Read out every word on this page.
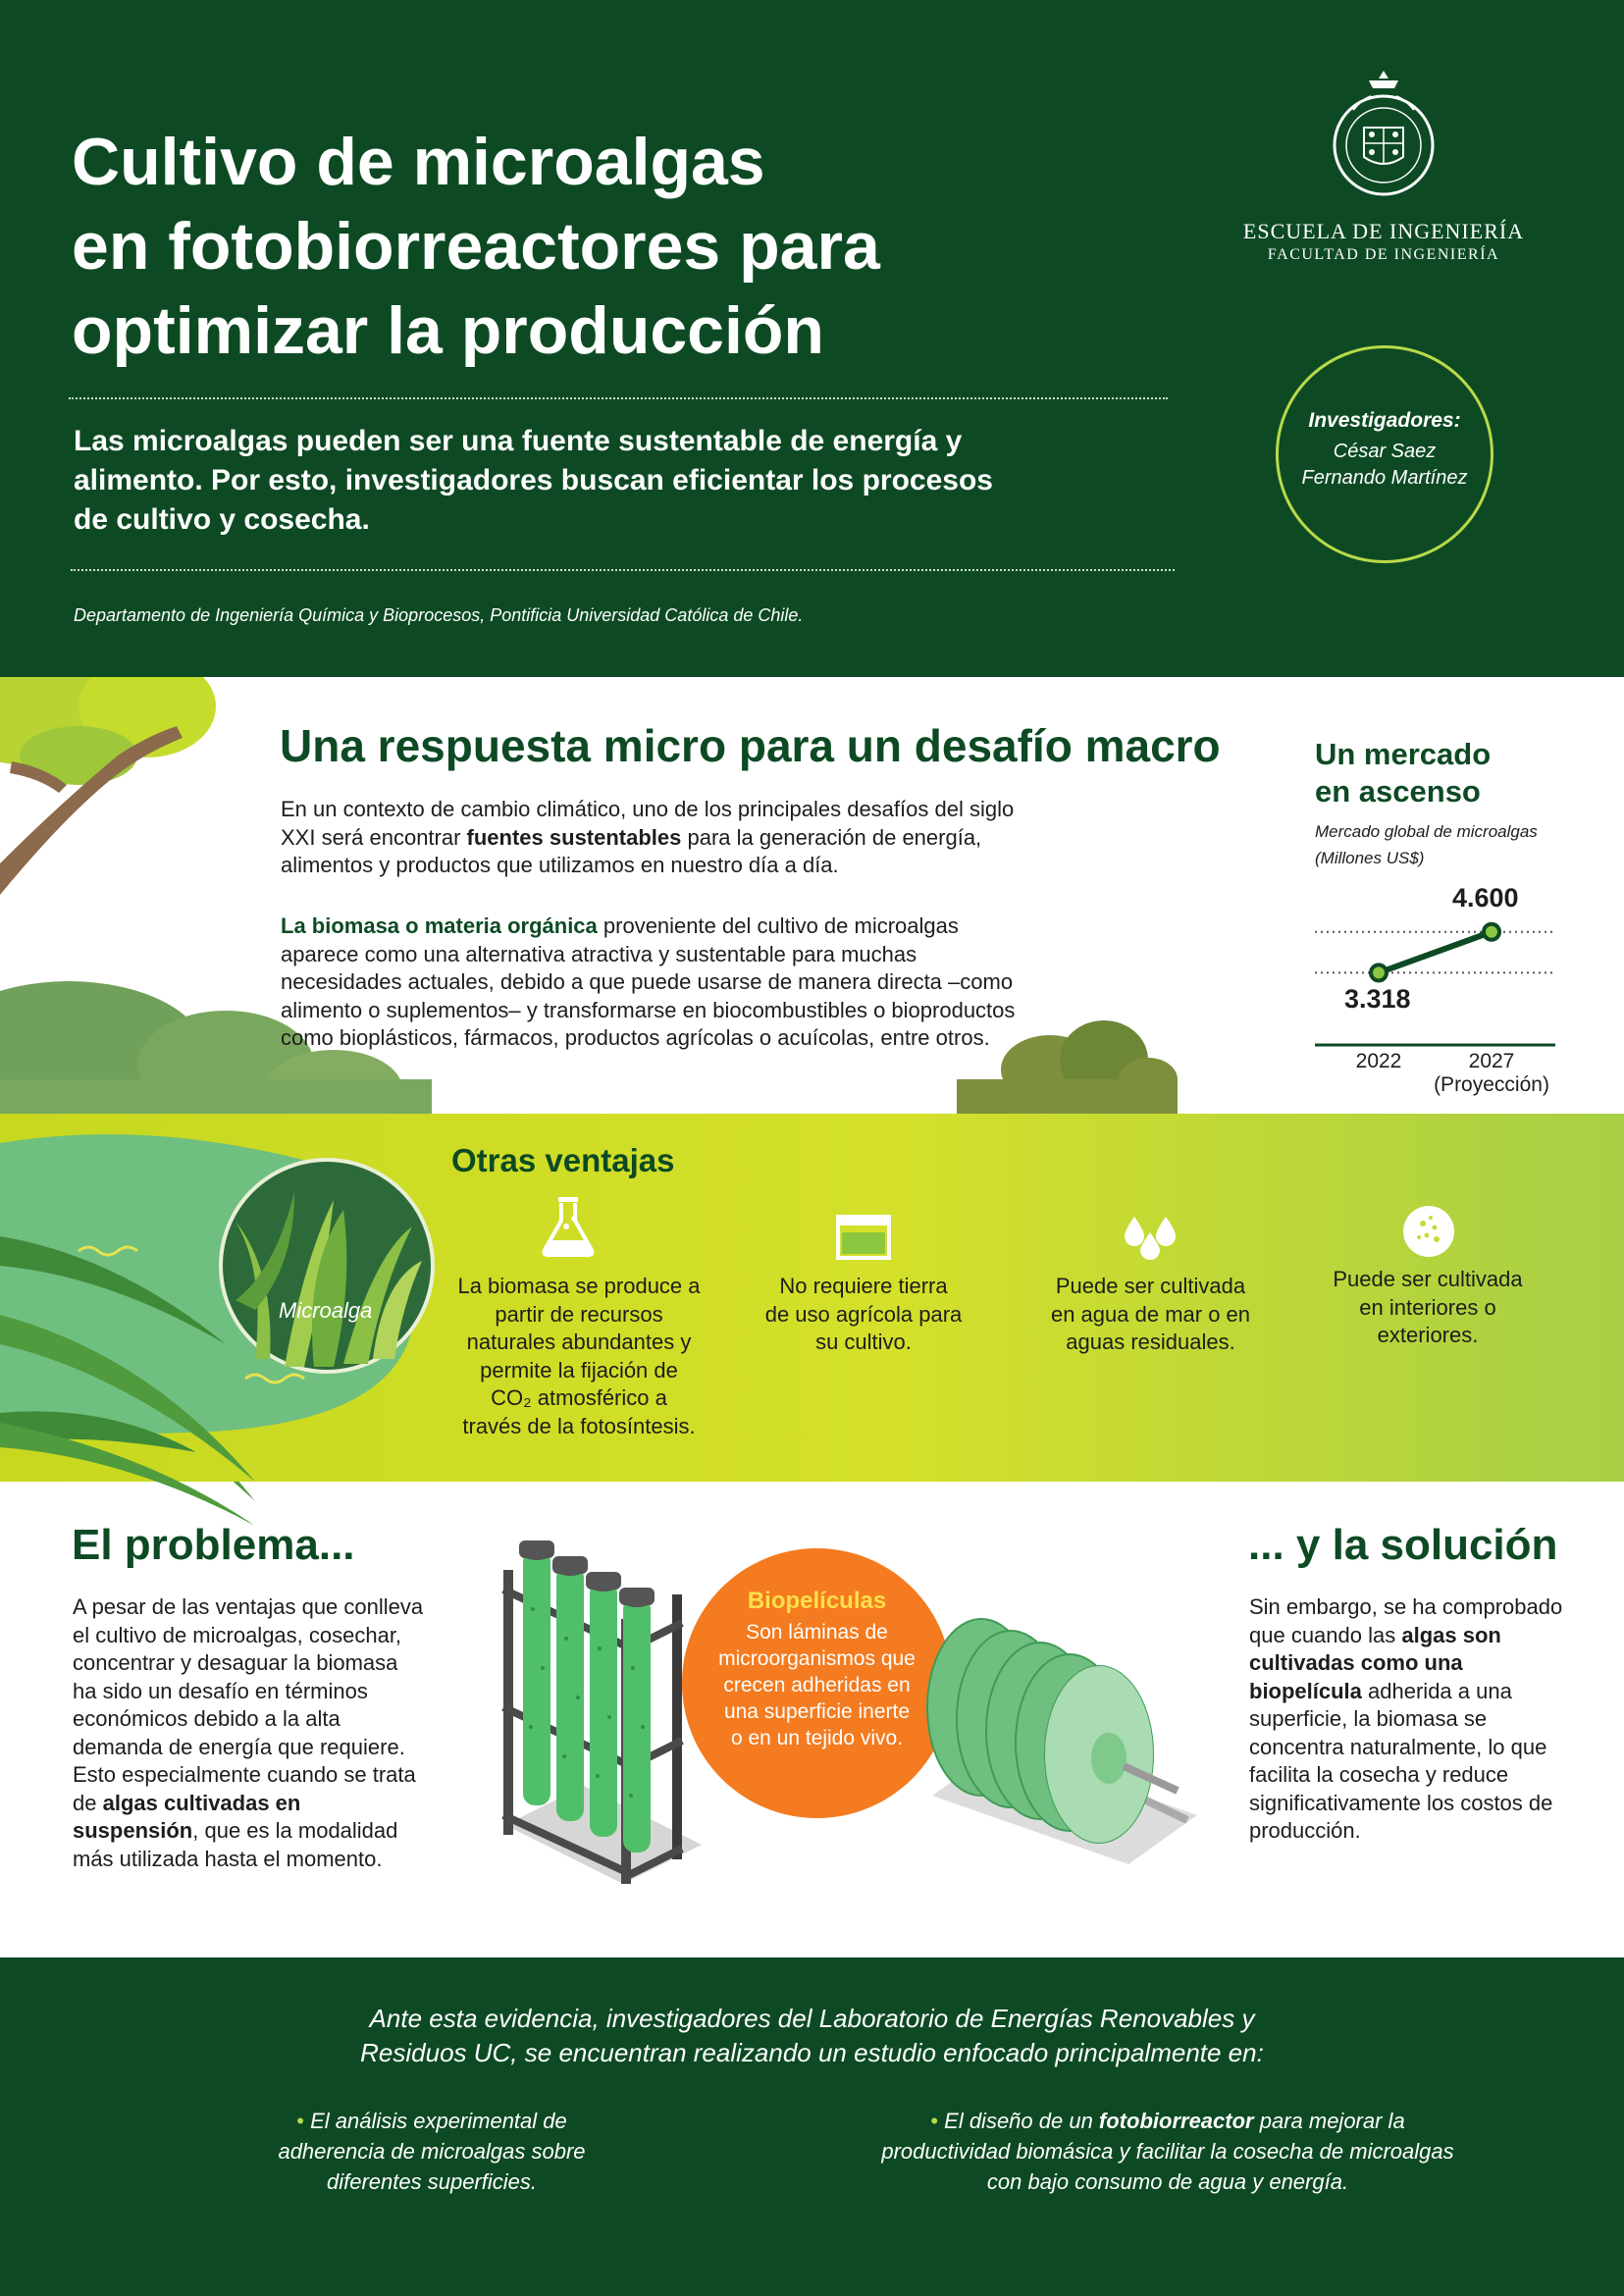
Cultivo de microalgas
en fotobiorreactores para
optimizar la producción
Las microalgas pueden ser una fuente sustentable de energía y
alimento. Por esto, investigadores buscan eficientar los procesos
de cultivo y cosecha.
Departamento de Ingeniería Química y Bioprocesos, Pontificia Universidad Católica de Chile.
ESCUELA DE INGENIERÍA
FACULTAD DE INGENIERÍA
Investigadores:
César Saez
Fernando Martínez
Una respuesta micro para un desafío macro

En un contexto de cambio climático, uno de los principales desafíos del siglo XXI será encontrar fuentes sustentables para la generación de energía, alimentos y productos que utilizamos en nuestro día a día.

La biomasa o materia orgánica proveniente del cultivo de microalgas aparece como una alternativa atractiva y sustentable para muchas necesidades actuales, debido a que puede usarse de manera directa –como alimento o suplementos– y transformarse en biocombustibles o bioproductos como bioplásticos, fármacos, productos agrícolas o acuícolas, entre otros.

Un mercado
en ascenso
Mercado global de microalgas
(Millones US$)
3.318
4.600
2022	2027
(Proyección)
Microalga
Otras ventajas
La biomasa se produce a
partir de recursos
naturales abundantes y
permite la fijación de
CO₂ atmosférico a
través de la fotosíntesis.
No requiere tierra
de uso agrícola para
su cultivo.
Puede ser cultivada
en agua de mar o en
aguas residuales.
Puede ser cultivada
en interiores o
exteriores.
El problema...

A pesar de las ventajas que conlleva el cultivo de microalgas, cosechar, concentrar y desaguar la biomasa ha sido un desafío en términos económicos debido a la alta demanda de energía que requiere. Esto especialmente cuando se trata de algas cultivadas en suspensión, que es la modalidad más utilizada hasta el momento.

... y la solución

Sin embargo, se ha comprobado que cuando las algas son cultivadas como una biopelícula adherida a una superficie, la biomasa se concentra naturalmente, lo que facilita la cosecha y reduce significativamente los costos de producción.

Biopelículas
Son láminas de
microorganismos que
crecen adheridas en
una superficie inerte
o en un tejido vivo.
Ante esta evidencia, investigadores del Laboratorio de Energías Renovables y
Residuos UC, se encuentran realizando un estudio enfocado principalmente en:
• El análisis experimental de
adherencia de microalgas sobre
diferentes superficies.
• El diseño de un fotobiorreactor para mejorar la
productividad biomásica y facilitar la cosecha de microalgas
con bajo consumo de agua y energía.
